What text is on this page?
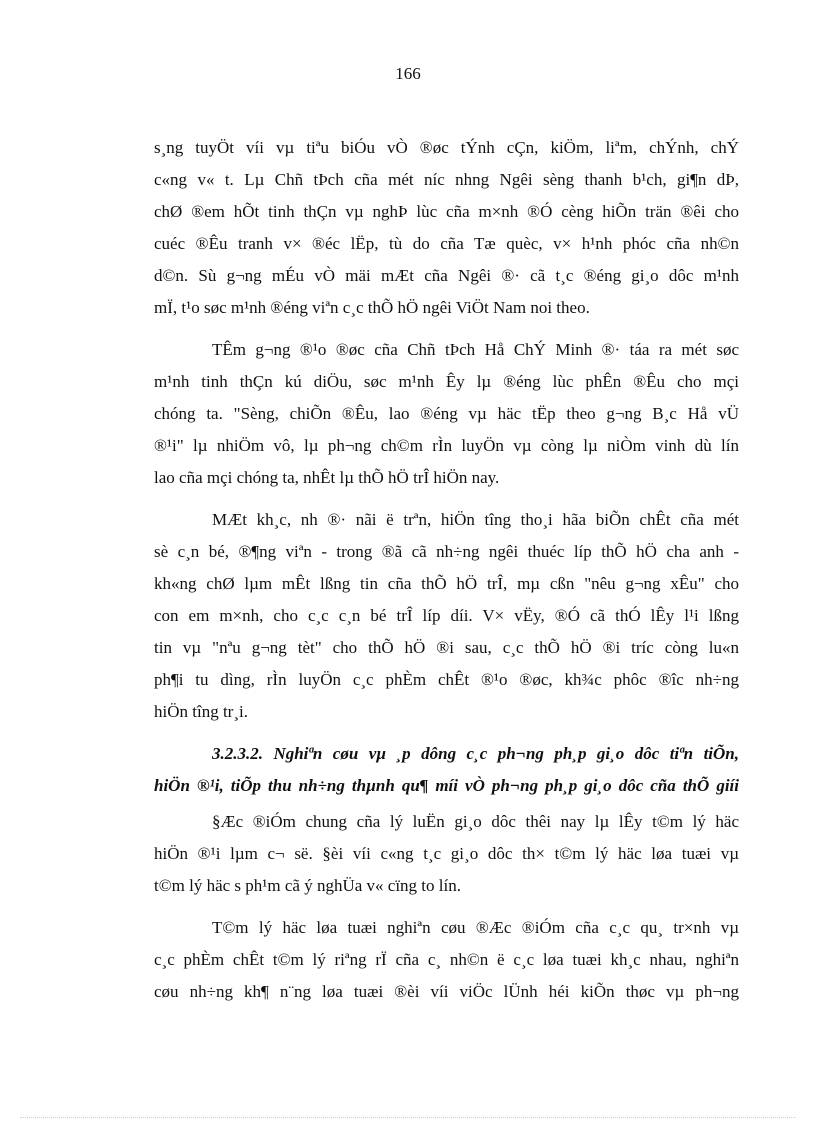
166

s¸ng tuyÖt víi vµ tiªu biÓu vÒ ®øc tÝnh cÇn, kiÖm, liªm, chÝnh, chÝ
c«ng v« t. Lµ Chñ tÞch cña mét níc nhng Ngêi sèng thanh b¹ch, gi¶n dÞ,
chØ ®em hÕt tinh thÇn vµ nghÞ lùc cña m×nh ®Ó cèng hiÕn trän ®êi cho
cuéc ®Êu tranh v× ®éc lËp, tù do cña Tæ quèc, v× h¹nh phóc cña nh©n
d©n. Sù g¬ng mÉu vÒ mäi mÆt cña Ngêi ®· cã t¸c ®éng gi¸o dôc m¹nh
mÏ, t¹o søc m¹nh ®éng viªn c¸c thÕ hÖ ngêi ViÖt Nam noi theo.

TÊm g¬ng ®¹o ®øc cña Chñ tÞch Hå ChÝ Minh ®· táa ra mét søc
m¹nh tinh thÇn kú diÖu, søc m¹nh Êy lµ ®éng lùc phÊn ®Êu cho mçi
chóng ta. "Sèng, chiÕn ®Êu, lao ®éng vµ häc tËp theo g¬ng B¸c Hå vÜ
®¹i" lµ nhiÖm vô, lµ ph¬ng ch©m rÌn luyÖn vµ còng lµ niÒm vinh dù lín
lao cña mçi chóng ta, nhÊt lµ thÕ hÖ trÎ hiÖn nay.

MÆt kh¸c, nh ®· nãi ë trªn, hiÖn tîng tho¸i hãa biÕn chÊt cña mét
sè c¸n bé, ®¶ng viªn - trong ®ã cã nh÷ng ngêi thuéc líp thÕ hÖ cha anh -
kh«ng chØ lµm mÊt lßng tin cña thÕ hÖ trÎ, mµ cßn "nêu g¬ng xÊu" cho
con em m×nh, cho c¸c c¸n bé trÎ líp díi. V× vËy, ®Ó cã thÓ lÊy l¹i lßng
tin vµ "nªu g¬ng tèt" cho thÕ hÖ ®i sau, c¸c thÕ hÖ ®i tríc còng lu«n
ph¶i tu dìng, rÌn luyÖn c¸c phÈm chÊt ®¹o ®øc, kh¾c phôc ®îc nh÷ng
hiÖn tîng tr¸i.

3.2.3.2. Nghiªn cøu vµ ¸p dông c¸c ph¬ng ph¸p gi¸o dôc tiªn tiÕn,
hiÖn ®¹i, tiÕp thu nh÷ng thµnh qu¶ míi vÒ ph¬ng ph¸p gi¸o dôc cña thÕ giíi

§Æc ®iÓm chung cña lý luËn gi¸o dôc thêi nay lµ lÊy t©m lý häc
hiÖn ®¹i lµm c¬ së. §èi víi c«ng t¸c gi¸o dôc th× t©m lý häc løa tuæi vµ
t©m lý häc s ph¹m cã ý nghÜa v« cïng to lín.

T©m lý häc løa tuæi nghiªn cøu ®Æc ®iÓm cña c¸c qu¸ tr×nh vµ
c¸c phÈm chÊt t©m lý riªng rÏ cña c¸ nh©n ë c¸c løa tuæi kh¸c nhau, nghiªn
cøu nh÷ng kh¶ n¨ng løa tuæi ®èi víi viÖc lÜnh héi kiÕn thøc vµ ph¬ng
